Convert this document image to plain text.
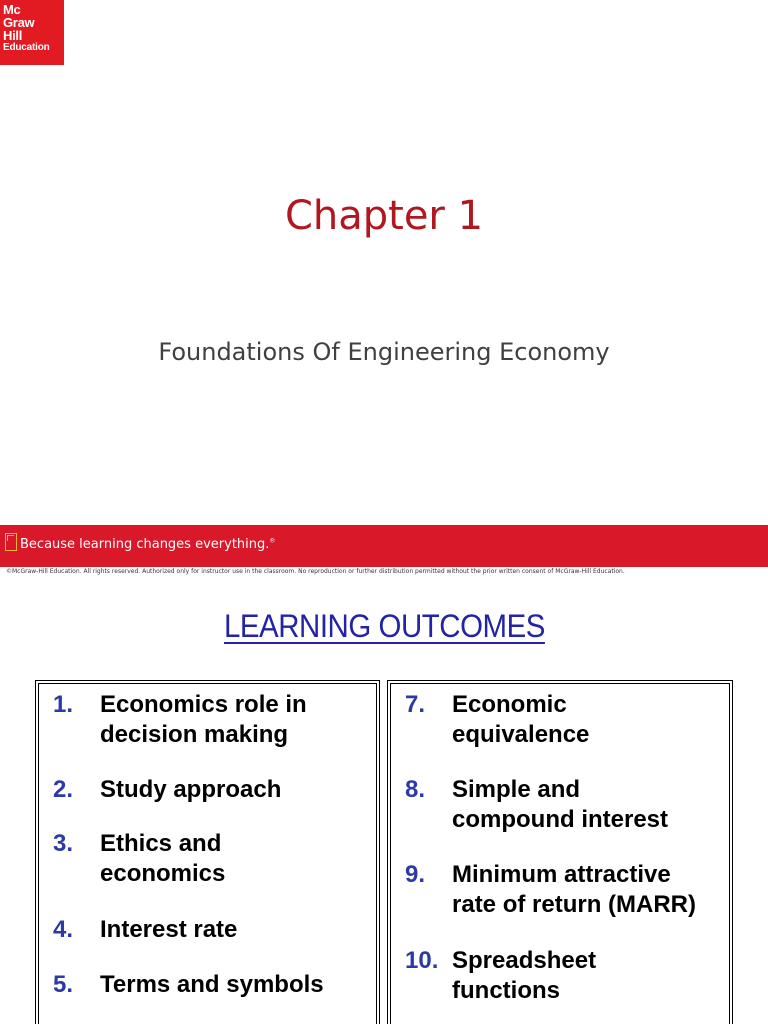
Mc
Graw
Hill
Education
Chapter 1
Foundations Of Engineering Economy
Because learning changes everything.®
©McGraw-Hill Education. All rights reserved. Authorized only for instructor use in the classroom. No reproduction or further distribution permitted without the prior written consent of McGraw-Hill Education.
LEARNING OUTCOMES
1. Economics role in
decision making
2. Study approach
3. Ethics and
economics
4. Interest rate
5. Terms and symbols
7. Economic
equivalence
8. Simple and
compound interest
9. Minimum attractive
rate of return (MARR)
10. Spreadsheet
functions
